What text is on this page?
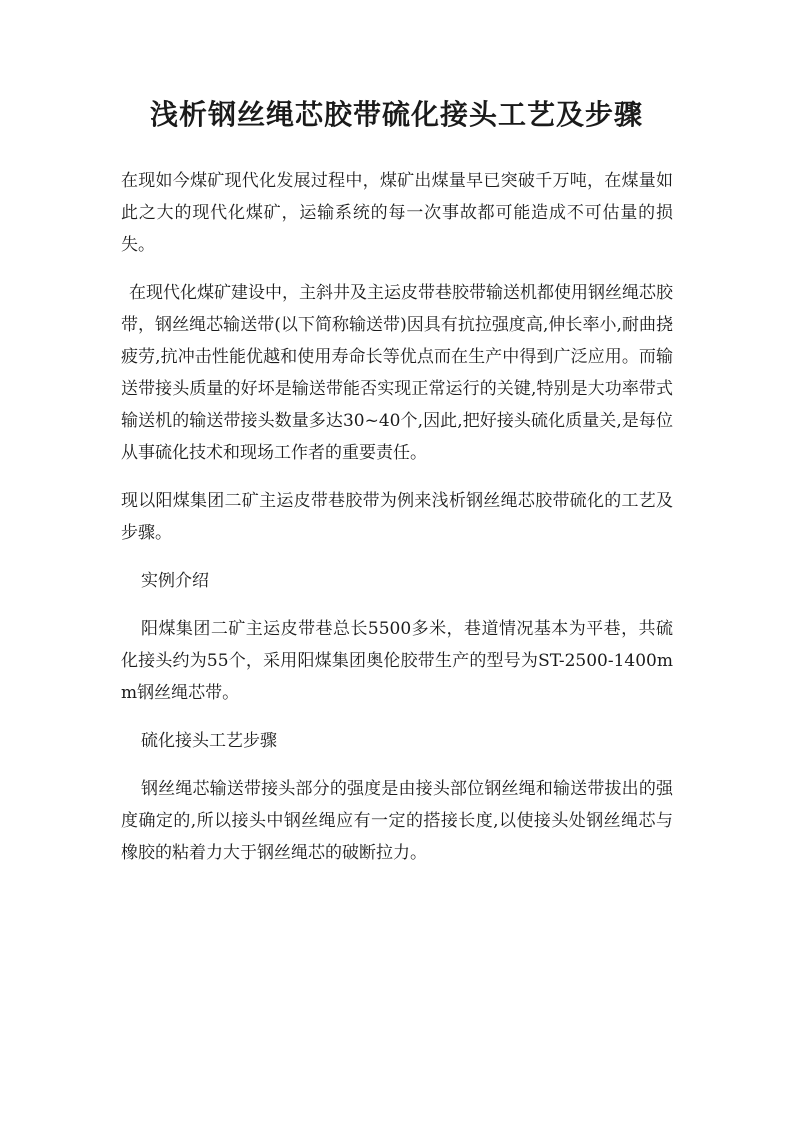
浅析钢丝绳芯胶带硫化接头工艺及步骤

在现如今煤矿现代化发展过程中，煤矿出煤量早已突破千万吨，在煤量如此之大的现代化煤矿，运输系统的每一次事故都可能造成不可估量的损失。

在现代化煤矿建设中，主斜井及主运皮带巷胶带输送机都使用钢丝绳芯胶带，钢丝绳芯输送带(以下简称输送带)因具有抗拉强度高,伸长率小,耐曲挠疲劳,抗冲击性能优越和使用寿命长等优点而在生产中得到广泛应用。而输送带接头质量的好坏是输送带能否实现正常运行的关键,特别是大功率带式输送机的输送带接头数量多达30~40个,因此,把好接头硫化质量关,是每位从事硫化技术和现场工作者的重要责任。

现以阳煤集团二矿主运皮带巷胶带为例来浅析钢丝绳芯胶带硫化的工艺及步骤。

实例介绍

阳煤集团二矿主运皮带巷总长5500多米，巷道情况基本为平巷，共硫化接头约为55个，采用阳煤集团奥伦胶带生产的型号为ST-2500-1400mm钢丝绳芯带。

硫化接头工艺步骤

钢丝绳芯输送带接头部分的强度是由接头部位钢丝绳和输送带拔出的强度确定的,所以接头中钢丝绳应有一定的搭接长度,以使接头处钢丝绳芯与橡胶的粘着力大于钢丝绳芯的破断拉力。
